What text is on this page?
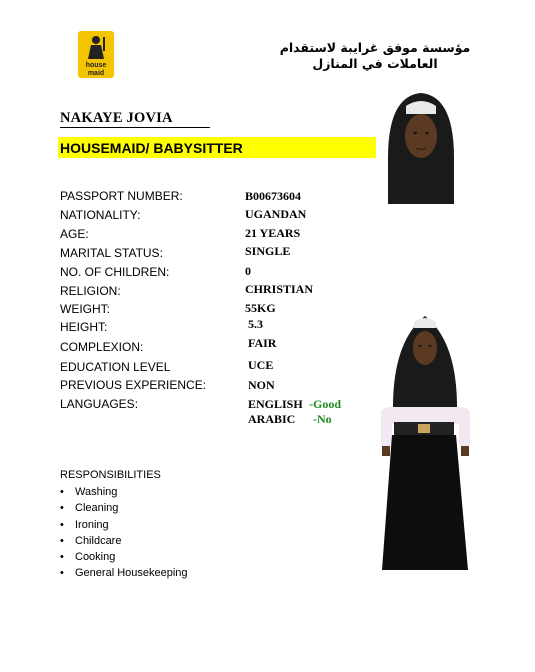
house
maid
مؤسسة موفق غرايبة لاستقدام العاملات في المنازل
NAKAYE JOVIA
HOUSEMAID/ BABYSITTER
PASSPORT NUMBER:	B00673604
NATIONALITY:	UGANDAN
AGE:	21 YEARS
MARITAL STATUS:	SINGLE
NO. OF CHILDREN:	0
RELIGION:	CHRISTIAN
WEIGHT:	55KG
HEIGHT:	5.3
COMPLEXION:	FAIR
EDUCATION LEVEL	UCE
PREVIOUS EXPERIENCE:	NON
LANGUAGES:	ENGLISH -Good
ARABIC -No
RESPONSIBILITIES
• Washing
• Cleaning
• Ironing
• Childcare
• Cooking
• General Housekeeping
